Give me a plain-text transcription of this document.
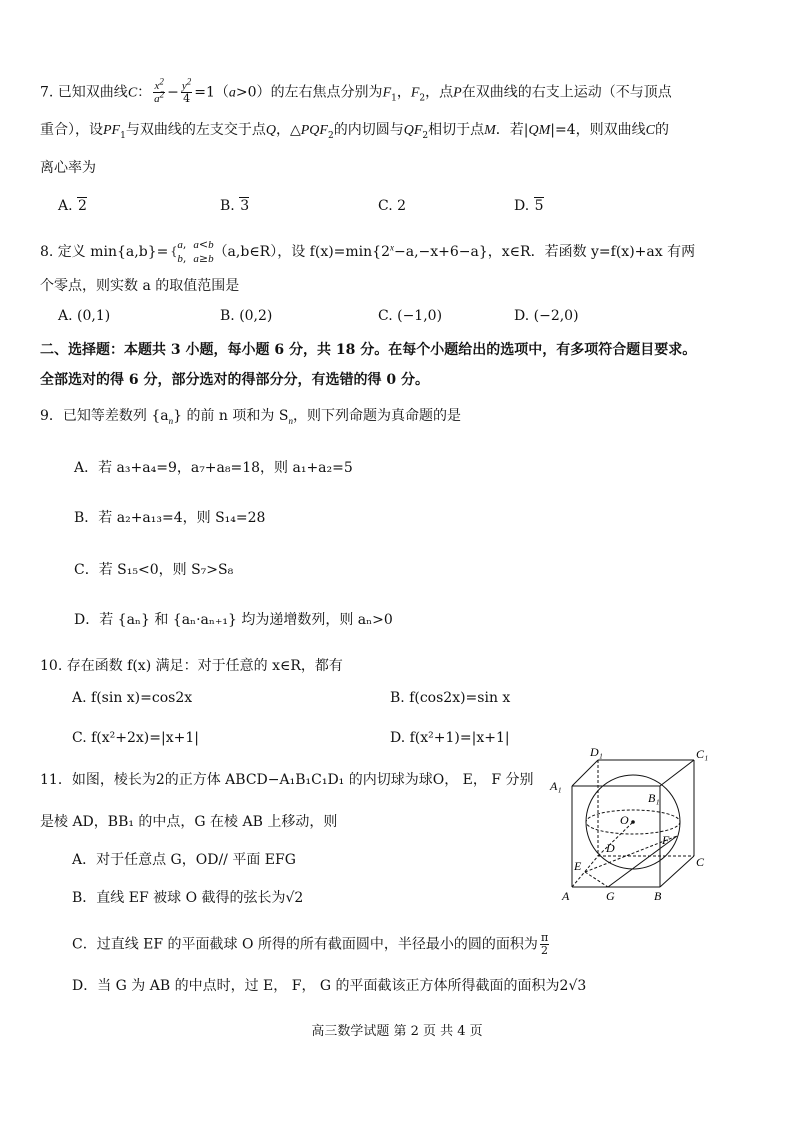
7. 已知双曲线C： $\frac{x^2}{a^2} - \frac{y^2}{4} =1(a>0)$的左右焦点分别为$F_1$，$F_2$，点P在双曲线的右支上运动（不与顶点
重合），设$PF_1$与双曲线的左支交于点Q，$\triangle PQF_2$的内切圆与$QF_2$相切于点M．若|QM|=4，则双曲线C的
离心率为
A. 2	B. 3	C. 2	D. 5
8. 定义 min{a,b}= {a,  a<b
b,  a≥b（a,b∈R），设 $f(x)=\min\{2^x-a,-x+6-a\}$，x∈R．若函数 y=f(x)+ax 有两
个零点，则实数 a 的取值范围是
A. (0,1)	B. (0,2)	C. (−1,0)	D. (−2,0)
二、选择题：本题共 3 小题，每小题 6 分，共 18 分。在每个小题给出的选项中，有多项符合题目要求。
全部选对的得 6 分，部分选对的得部分分，有选错的得 0 分。
9．已知等差数列 $\{a_n\}$ 的前 n 项和为 $S_n$，则下列命题为真命题的是
A．若 a₃+a₄=9，a₇+a₈=18，则 a₁+a₂=5
B．若 a₂+a₁₃=4，则 S₁₄=28
C．若 S₁₅<0，则 S₇>S₈
D．若 {aₙ} 和 {aₙ·aₙ₊₁} 均为递增数列，则 aₙ>0
10. 存在函数 f(x) 满足：对于任意的 x∈R，都有
A. f(sin x)=cos2x	B. f(cos2x)=sin x
C. f(x²+2x)=|x+1|	D. f(x²+1)=|x+1|
11．如图，棱长为2的正方体 ABCD−A₁B₁C₁D₁ 的内切球为球O， E， F 分别
是棱 AD，BB₁ 的中点，G 在棱 AB 上移动，则
A．对于任意点 G，OD// 平面 EFG
B．直线 EF 被球 O 截得的弦长为√2
C．过直线 EF 的平面截球 O 所得的所有截面圆中，半径最小的圆的面积为 $\frac{\pi}{2}$
D．当 G 为 AB 的中点时，过 E， F， G 的平面截该正方体所得截面的面积为2√3
D₁	C₁
A₁
B₁
O
D
F
E	C
A	G	B
高三数学试题 第 2 页 共 4 页
